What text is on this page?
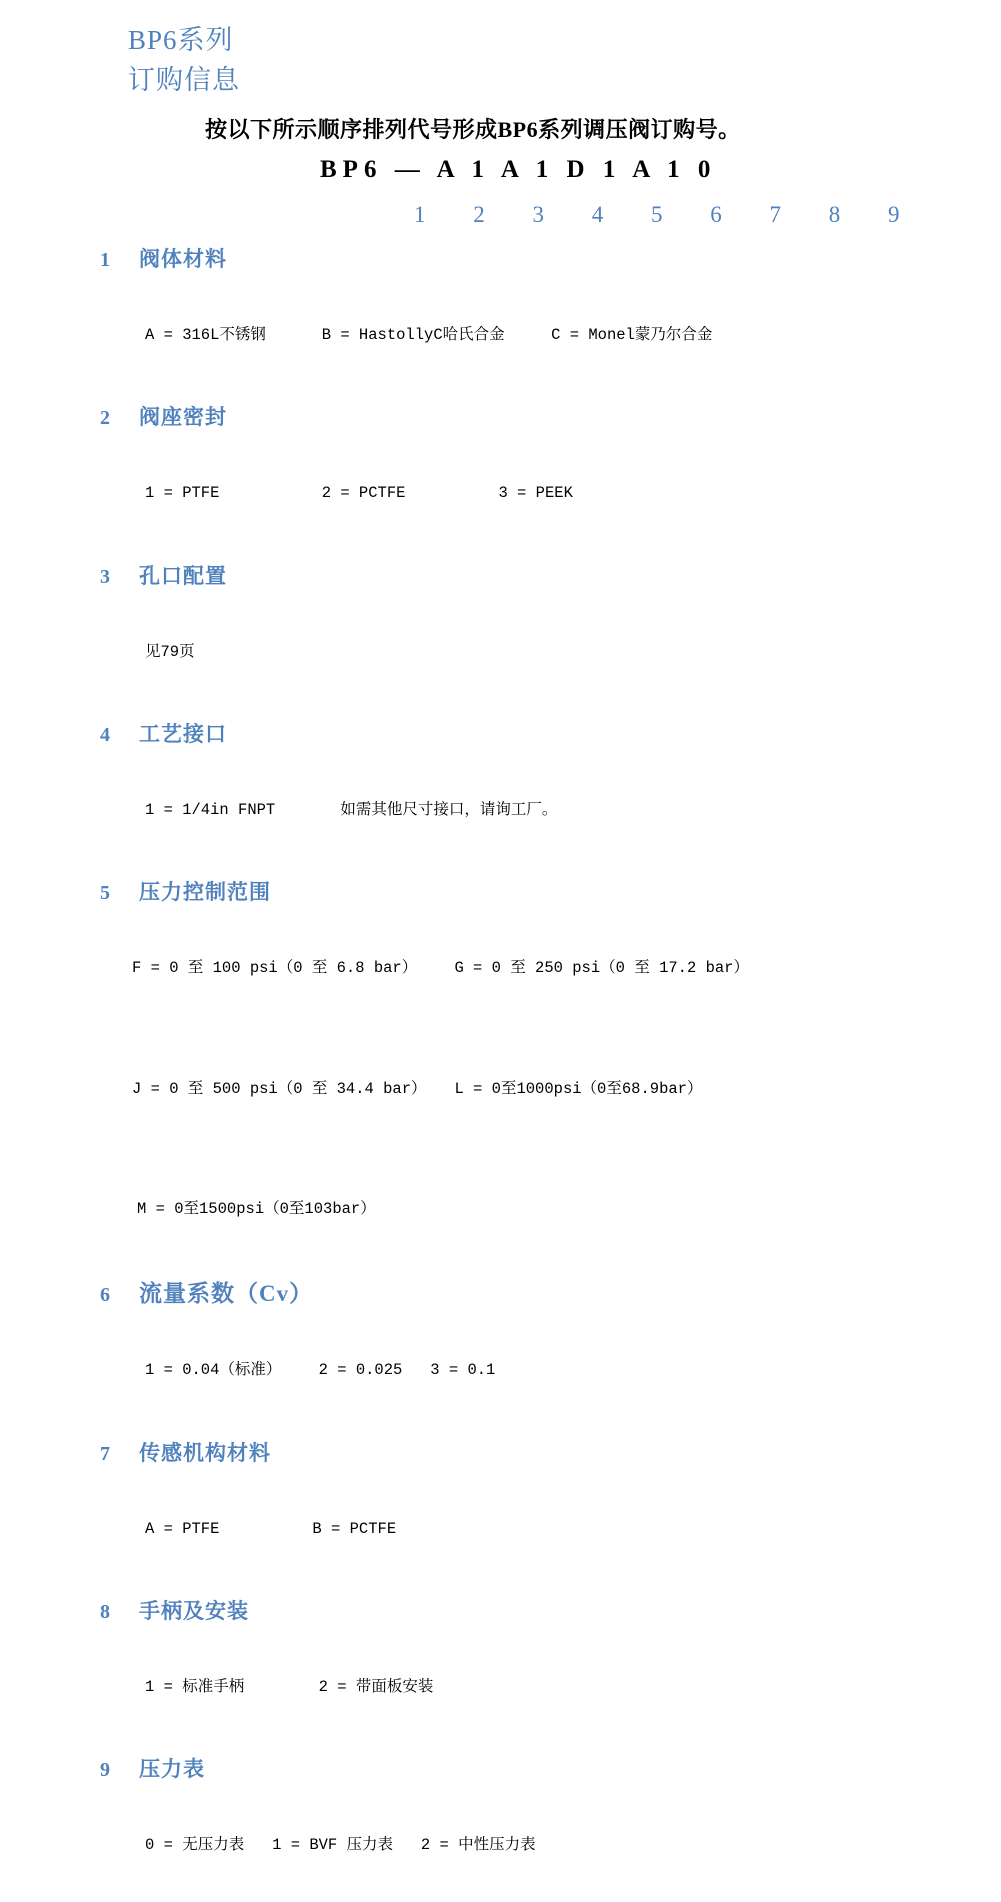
BP6系列
订购信息
按以下所示顺序排列代号形成BP6系列调压阀订购号。
BP6 — A 1 A 1 D 1 A 1 0
1 2 3 4 5 6 7 8 9
1	阀体材料

A = 316L不锈钢      B = HastollyC哈氏合金     C = Monel蒙乃尔合金

2	阀座密封

1 = PTFE           2 = PCTFE          3 = PEEK

3	孔口配置

见79页

4	工艺接口

1 = 1/4in FNPT       如需其他尺寸接口，请询工厂。

5	压力控制范围

F = 0 至 100 psi（0 至 6.8 bar）    G = 0 至 250 psi（0 至 17.2 bar）

J = 0 至 500 psi（0 至 34.4 bar）   L = 0至1000psi（0至68.9bar）

M = 0至1500psi（0至103bar）

6	流量系数（Cv）

1 = 0.04（标准）    2 = 0.025   3 = 0.1

7	传感机构材料

A = PTFE          B = PCTFE

8	手柄及安装

1 = 标准手柄        2 = 带面板安装

9	压力表

0 = 无压力表   1 = BVF 压力表   2 = 中性压力表
